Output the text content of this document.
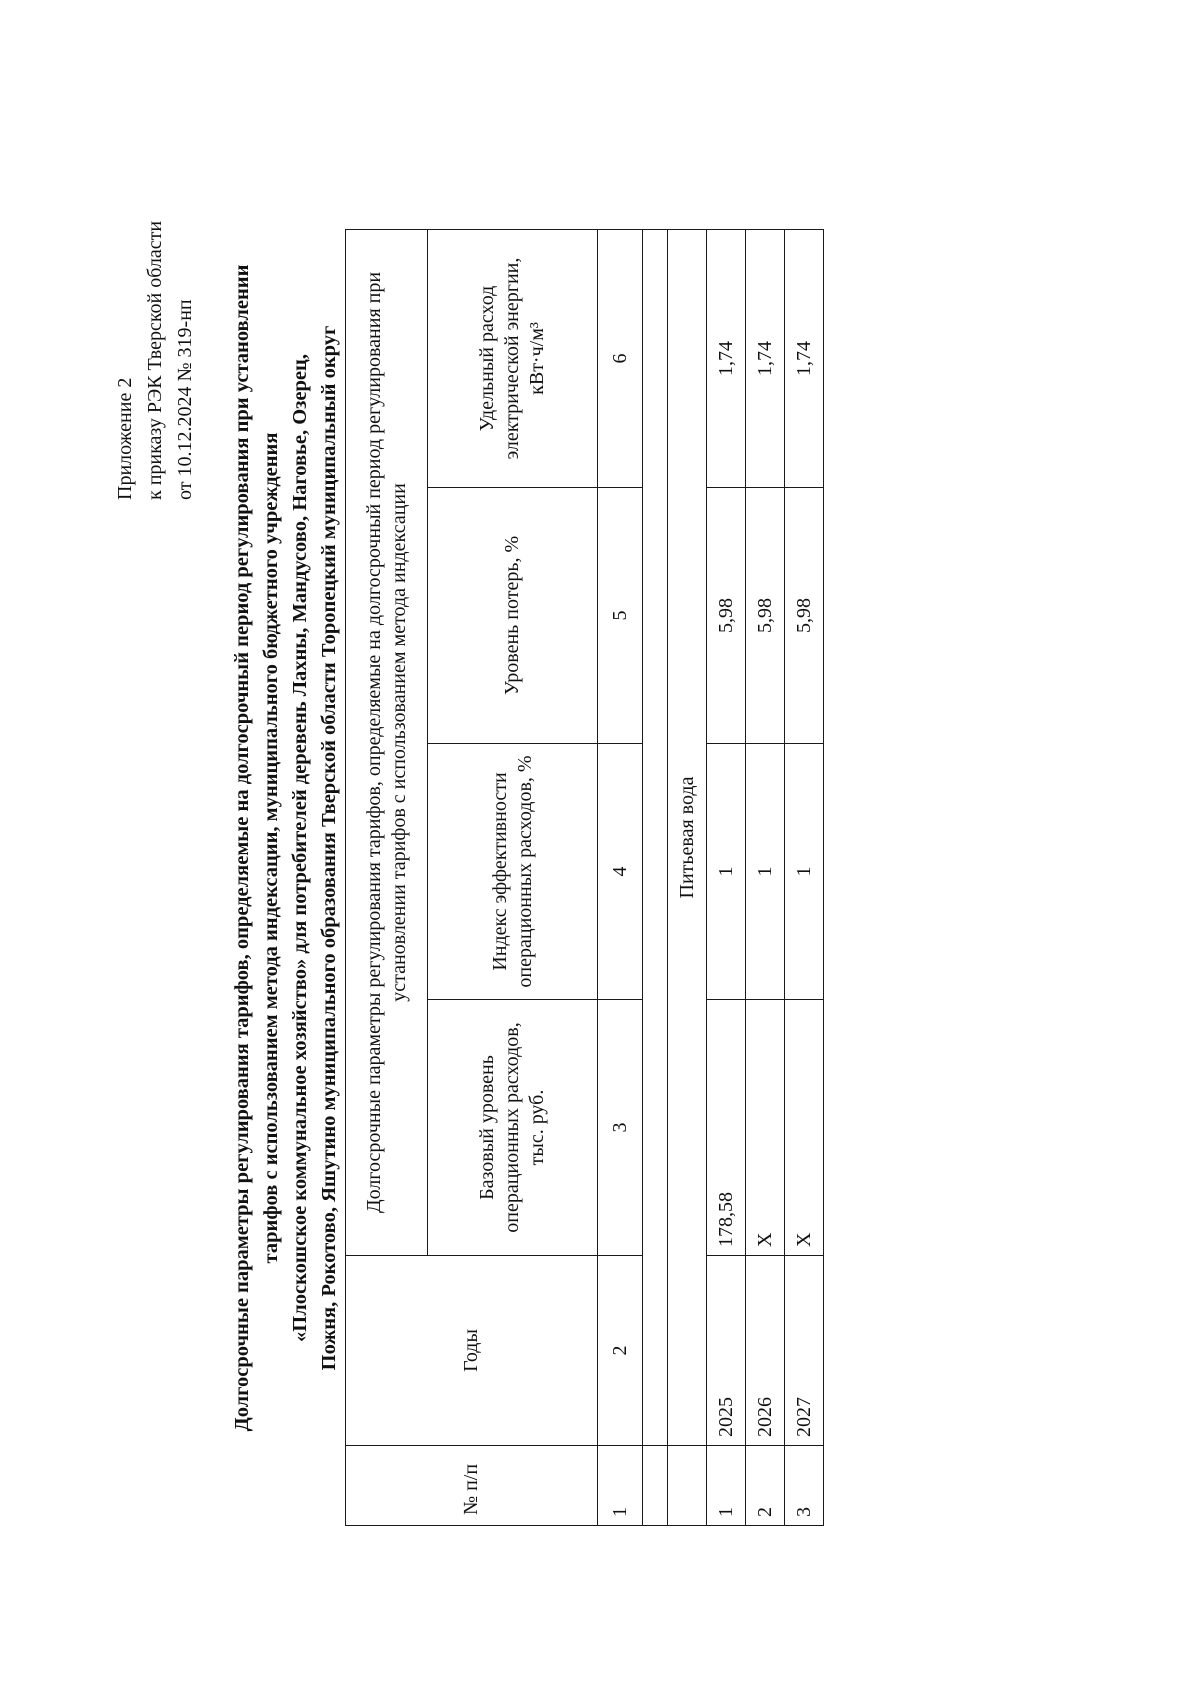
Приложение 2 к приказу РЭК Тверской области от 10.12.2024 № 319-нп Долгосрочные параметры регулирования тарифов, определяемые на долгосрочный период регулирования при установлении тарифов с использованием метода индексации, муниципального бюджетного учреждения «Плоскошское коммунальное хозяйство» для потребителей деревень Лахны, Мандусово, Наговье, Озерец, Пожня, Рокотово, Яшутино муниципального образования Тверской области Торопецкий муниципальный округ
№ п/п	Годы	Долгосрочные параметры регулирования тарифов, определяемые на долгосрочный период регулирования при установлении тарифов с использованием метода индексации			
		Базовый уровень операционных расходов, тыс. руб.	Индекс эффективности операционных расходов, %	Уровень потерь, %	Удельный расход электрической энергии, кВт·ч/м³
1	2	3	4	5	6

	Питьевая вода				
1	2025	178,58	1	5,98	1,74
2	2026	Х	1	5,98	1,74
3	2027	Х	1	5,98	1,74
